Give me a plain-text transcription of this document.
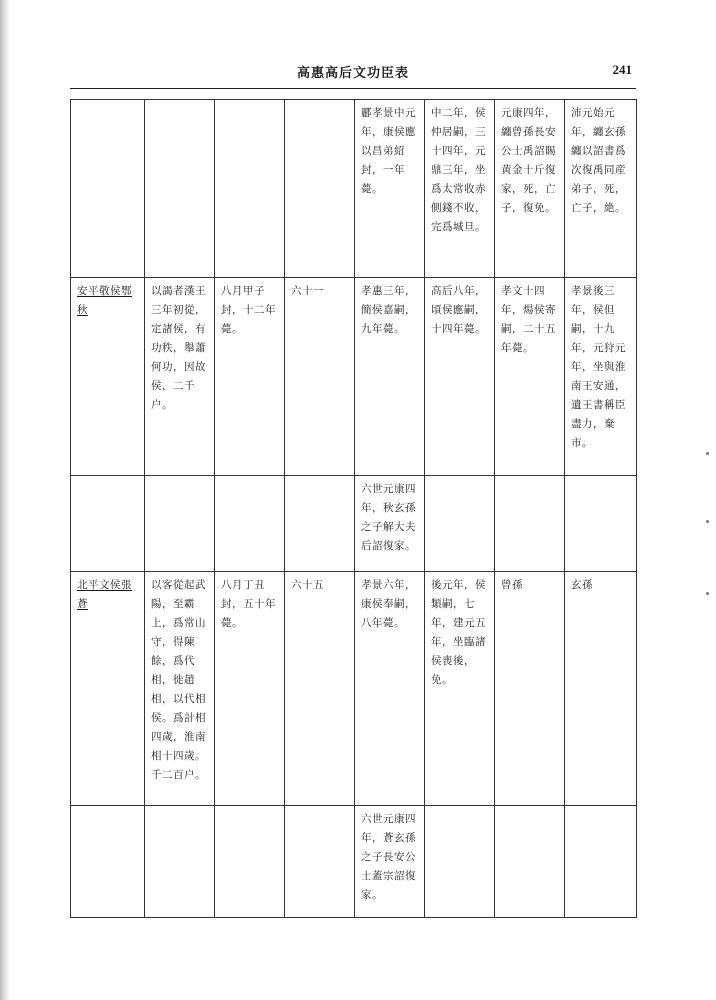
高惠高后文功臣表	241
				酈孝景中元年，康侯應以昌弟紹封，一年薨。	中二年，侯仲居嗣，三十四年，元鼎三年，坐爲太常收赤側錢不收，完爲城旦。	元康四年，纏曾孫長安公士禹詔賜黄金十斤復家，死，亡子，復免。	沛元始元年，纏玄孫纏以詔書爲次復禹同産弟子，死，亡子，絶。
安平敬侯鄂秋	以謁者漢王三年初從，定諸侯，有功秩，舉蕭何功，因故侯，二千户。	八月甲子封，十二年薨。	六十一	孝惠三年，簡侯嘉嗣，九年薨。	高后八年，頃侯應嗣，十四年薨。	孝文十四年，煬侯寄嗣，二十五年薨。	孝景後三年，侯但嗣，十九年，元狩元年，坐與淮南王安通，遺王書稱臣盡力，棄市。
				六世元康四年，秋玄孫之子解大夫后詔復家。			
北平文侯張蒼	以客從起武陽，至霸上，爲常山守，得陳餘，爲代相，徙趙相，以代相侯。爲計相四歲，淮南相十四歲。千二百户。	八月丁丑封，五十年薨。	六十五	孝景六年，康侯奉嗣，八年薨。	後元年，侯類嗣，七年，建元五年，坐臨諸侯喪後，免。	曾孫	玄孫
				六世元康四年，蒼玄孫之子長安公士蓋宗詔復家。			
